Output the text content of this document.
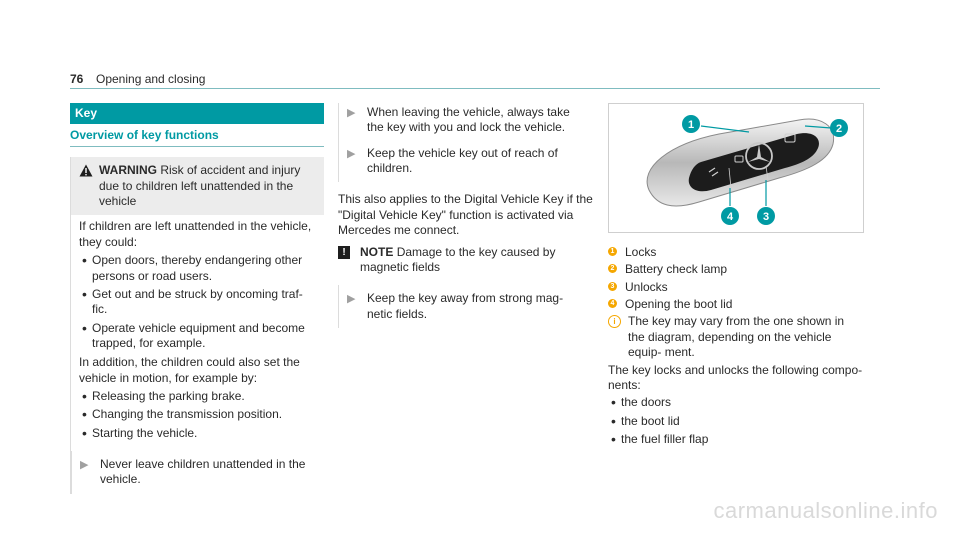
76 Opening and closing
Key
Overview of key functions
WARNING Risk of accident and injury due to children left unattended in the vehicle

If children are left unattended in the vehicle, they could:

• Open doors, thereby endangering other persons or road users.
• Get out and be struck by oncoming traf- fic.
• Operate vehicle equipment and become trapped, for example.

In addition, the children could also set the vehicle in motion, for example by:

• Releasing the parking brake.
• Changing the transmission position.
• Starting the vehicle.
▶ Never leave children unattended in the vehicle.
▶ When leaving the vehicle, always take the key with you and lock the vehicle.
▶ Keep the vehicle key out of reach of children.

This also applies to the Digital Vehicle Key if the "Digital Vehicle Key" function is activated via Mercedes me connect.

!	NOTE Damage to the key caused by magnetic fields
▶ Keep the key away from strong mag- netic fields.
1	2
4	3
1 Locks
2 Battery check lamp
3 Unlocks
4 Opening the boot lid
i	The key may vary from the one shown in the diagram, depending on the vehicle equip- ment.

The key locks and unlocks the following compo- nents:

• the doors
• the boot lid
• the fuel filler flap
carmanualsonline.info
